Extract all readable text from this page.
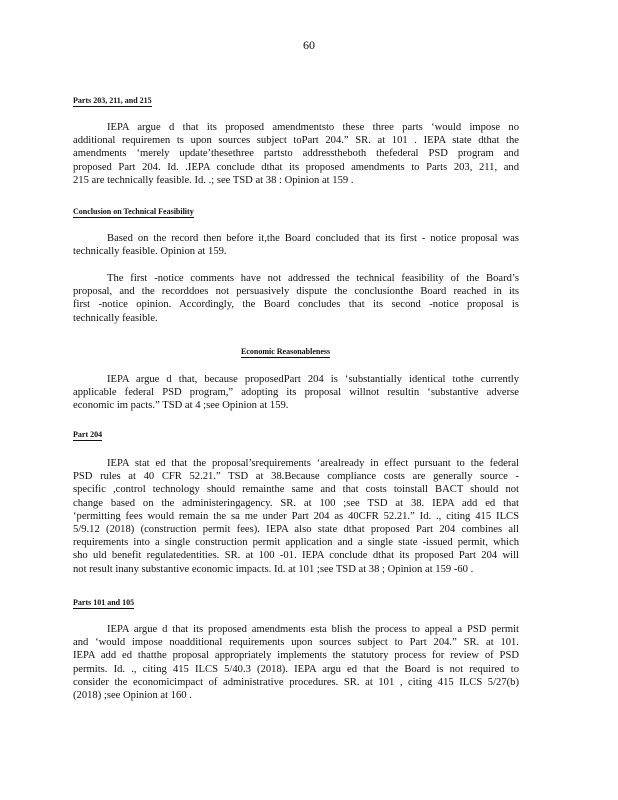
60
Parts 203, 211, and 215
IEPA argue d that its proposed amendmentsto these three parts ‘would impose no
additional requiremen ts upon sources subject toPart 204.” SR. at 101 . IEPA state dthat the
amendments ‘merely update’thesethree partsto addresstheboth thefederal PSD program and
proposed Part 204. Id. .IEPA conclude dthat its proposed amendments to Parts 203, 211, and
215 are technically feasible. Id. .; see TSD at 38 : Opinion at 159 .
Conclusion on Technical Feasibility
Based on the record then before it,the Board concluded that its first - notice proposal was
technically feasible. Opinion at 159.
The first -notice comments have not addressed the technical feasibility of the Board’s
proposal, and the recorddoes not persuasively dispute the conclusionthe Board reached in its
first -notice opinion. Accordingly, the Board concludes that its second -notice proposal is
technically feasible.
Economic Reasonableness
IEPA argue d that, because proposedPart 204 is ‘substantially identical tothe currently
applicable federal PSD program,” adopting its proposal willnot resultin ‘substantive adverse
economic im pacts.” TSD at 4 ;see Opinion at 159.
Part 204
IEPA stat ed that the proposal’srequirements ‘arealready in effect pursuant to the federal
PSD rules at 40 CFR 52.21.” TSD at 38.Because compliance costs are generally source -
specific ,control technology should remainthe same and that costs toinstall BACT should not
change based on the administeringagency. SR. at 100 ;see TSD at 38. IEPA add ed that
‘permitting fees would remain the sa me under Part 204 as 40CFR 52.21.” Id. ., citing 415 ILCS
5/9.12 (2018) (construction permit fees). IEPA also state dthat proposed Part 204 combines all
requirements into a single construction permit application and a single state -issued permit, which
sho uld benefit regulatedentities. SR. at 100 -01. IEPA conclude dthat its proposed Part 204 will
not result inany substantive economic impacts. Id. at 101 ;see TSD at 38 ; Opinion at 159 -60 .
Parts 101 and 105
IEPA argue d that its proposed amendments esta blish the process to appeal a PSD permit
and ‘would impose noadditional requirements upon sources subject to Part 204.” SR. at 101.
IEPA add ed thatthe proposal appropriately implements the statutory process for review of PSD
permits. Id. ., citing 415 ILCS 5/40.3 (2018). IEPA argu ed that the Board is not required to
consider the economicimpact of administrative procedures. SR. at 101 , citing 415 ILCS 5/27(b)
(2018) ;see Opinion at 160 .
